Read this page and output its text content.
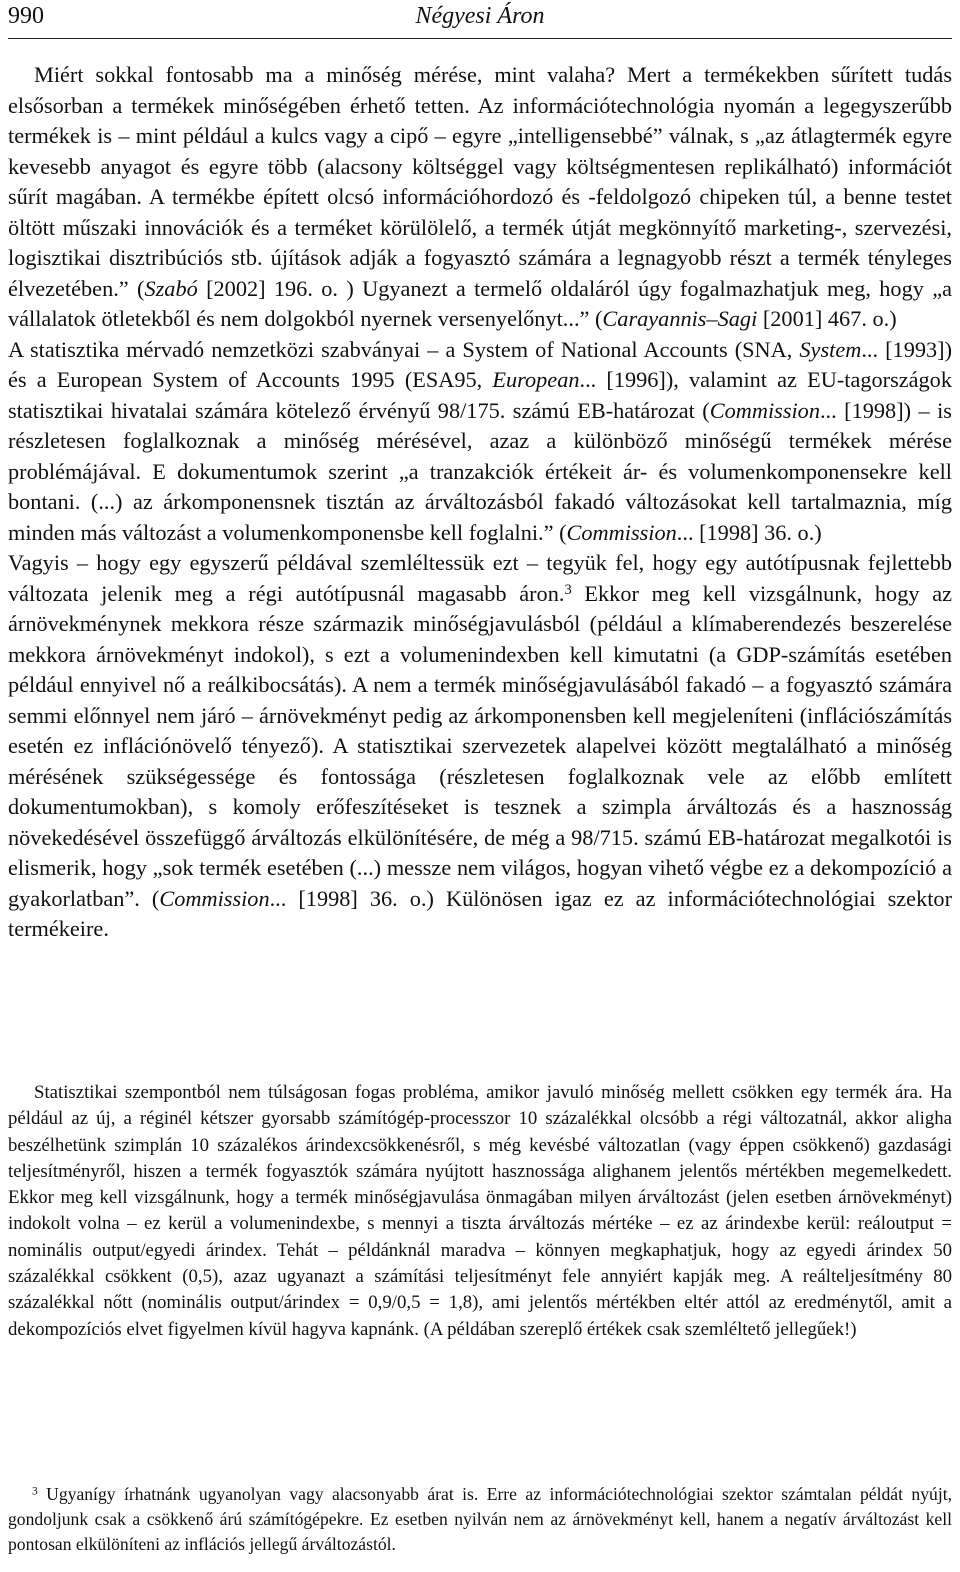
990	Négyesi Áron

Miért sokkal fontosabb ma a minőség mérése, mint valaha? Mert a termékekben sűrített tudás elsősorban a termékek minőségében érhető tetten. Az információtechnológia nyomán a legegyszerűbb termékek is – mint például a kulcs vagy a cipő – egyre „intelligensebbé” válnak, s „az átlagtermék egyre kevesebb anyagot és egyre több (alacsony költséggel vagy költségmentesen replikálható) információt sűrít magában. A termékbe épített olcsó információhordozó és -feldolgozó chipeken túl, a benne testet öltött műszaki innovációk és a terméket körülölelő, a termék útját megkönnyítő marketing-, szervezési, logisztikai disztribúciós stb. újítások adják a fogyasztó számára a legnagyobb részt a termék tényleges élvezetében.” (Szabó [2002] 196. o. ) Ugyanezt a termelő oldaláról úgy fogalmazhatjuk meg, hogy „a vállalatok ötletekből és nem dolgokból nyernek versenyelőnyt...” (Carayannis–Sagi [2001] 467. o.)

A statisztika mérvadó nemzetközi szabványai – a System of National Accounts (SNA, System... [1993]) és a European System of Accounts 1995 (ESA95, European... [1996]), valamint az EU-tagországok statisztikai hivatalai számára kötelező érvényű 98/175. számú EB-határozat (Commission... [1998]) – is részletesen foglalkoznak a minőség mérésével, azaz a különböző minőségű termékek mérése problémájával. E dokumentumok szerint „a tranzakciók értékeit ár- és volumenkomponensekre kell bontani. (...) az árkomponensnek tisztán az árváltozásból fakadó változásokat kell tartalmaznia, míg minden más változást a volumenkomponensbe kell foglalni.” (Commission... [1998] 36. o.)

Vagyis – hogy egy egyszerű példával szemléltessük ezt – tegyük fel, hogy egy autótípusnak fejlettebb változata jelenik meg a régi autótípusnál magasabb áron.$^3$ Ekkor meg kell vizsgálnunk, hogy az árnövekménynek mekkora része származik minőségjavulásból (például a klímaberendezés beszerelése mekkora árnövekményt indokol), s ezt a volumenindexben kell kimutatni (a GDP-számítás esetében például ennyivel nő a reálkibocsátás). A nem a termék minőségjavulásából fakadó – a fogyasztó számára semmi előnnyel nem járó – árnövekményt pedig az árkomponensben kell megjeleníteni (inflációszámítás esetén ez inflációnövelő tényező). A statisztikai szervezetek alapelvei között megtalálható a minőség mérésének szükségessége és fontossága (részletesen foglalkoznak vele az előbb említett dokumentumokban), s komoly erőfeszítéseket is tesznek a szimpla árváltozás és a hasznosság növekedésével összefüggő árváltozás elkülönítésére, de még a 98/715. számú EB-határozat megalkotói is elismerik, hogy „sok termék esetében (...) messze nem világos, hogyan vihető végbe ez a dekompozíció a gyakorlatban”. (Commission... [1998] 36. o.) Különösen igaz ez az információtechnológiai szektor termékeire.

Statisztikai szempontból nem túlságosan fogas probléma, amikor javuló minőség mellett csökken egy termék ára. Ha például az új, a réginél kétszer gyorsabb számítógép-processzor 10 százalékkal olcsóbb a régi változatnál, akkor aligha beszélhetünk szimplán 10 százalékos árindexcsökkenésről, s még kevésbé változatlan (vagy éppen csökkenő) gazdasági teljesítményről, hiszen a termék fogyasztók számára nyújtott hasznossága alighanem jelentős mértékben megemelkedett. Ekkor meg kell vizsgálnunk, hogy a termék minőségjavulása önmagában milyen árváltozást (jelen esetben árnövekményt) indokolt volna – ez kerül a volumenindexbe, s mennyi a tiszta árváltozás mértéke – ez az árindexbe kerül: reáloutput = nominális output/egyedi árindex. Tehát – példánknál maradva – könnyen megkaphatjuk, hogy az egyedi árindex 50 százalékkal csökkent (0,5), azaz ugyanazt a számítási teljesítményt fele annyiért kapják meg. A reálteljesítmény 80 százalékkal nőtt (nominális output/árindex = 0,9/0,5 = 1,8), ami jelentős mértékben eltér attól az eredménytől, amit a dekompozíciós elvet figyelmen kívül hagyva kapnánk. (A példában szereplő értékek csak szemléltető jellegűek!)

$^3$ Ugyanígy írhatnánk ugyanolyan vagy alacsonyabb árat is. Erre az információtechnológiai szektor számtalan példát nyújt, gondoljunk csak a csökkenő árú számítógépekre. Ez esetben nyilván nem az árnövekményt kell, hanem a negatív árváltozást kell pontosan elkülöníteni az inflációs jellegű árváltozástól.
